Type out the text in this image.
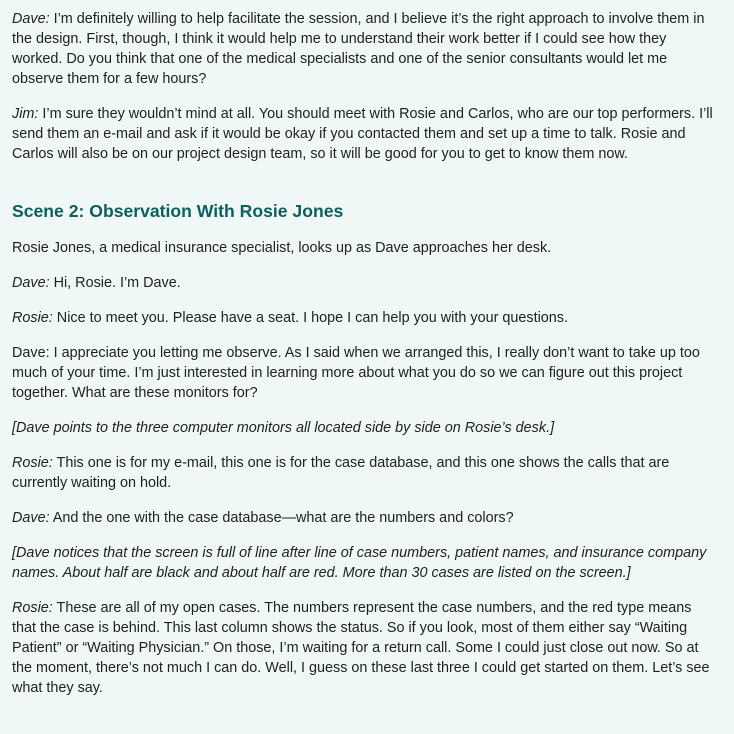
Dave: I’m definitely willing to help facilitate the session, and I believe it’s the right approach to involve them in the design. First, though, I think it would help me to understand their work better if I could see how they worked. Do you think that one of the medical specialists and one of the senior consultants would let me observe them for a few hours?

Jim: I’m sure they wouldn’t mind at all. You should meet with Rosie and Carlos, who are our top performers. I’ll send them an e-mail and ask if it would be okay if you contacted them and set up a time to talk. Rosie and Carlos will also be on our project design team, so it will be good for you to get to know them now.

Scene 2: Observation With Rosie Jones

Rosie Jones, a medical insurance specialist, looks up as Dave approaches her desk.

Dave: Hi, Rosie. I’m Dave.

Rosie: Nice to meet you. Please have a seat. I hope I can help you with your questions.

Dave: I appreciate you letting me observe. As I said when we arranged this, I really don’t want to take up too much of your time. I’m just interested in learning more about what you do so we can figure out this project together. What are these monitors for?

[Dave points to the three computer monitors all located side by side on Rosie’s desk.]

Rosie: This one is for my e-mail, this one is for the case database, and this one shows the calls that are currently waiting on hold.

Dave: And the one with the case database—what are the numbers and colors?

[Dave notices that the screen is full of line after line of case numbers, patient names, and insurance company names. About half are black and about half are red. More than 30 cases are listed on the screen.]

Rosie: These are all of my open cases. The numbers represent the case numbers, and the red type means that the case is behind. This last column shows the status. So if you look, most of them either say “Waiting Patient” or “Waiting Physician.” On those, I’m waiting for a return call. Some I could just close out now. So at the moment, there’s not much I can do. Well, I guess on these last three I could get started on them. Let’s see what they say.
